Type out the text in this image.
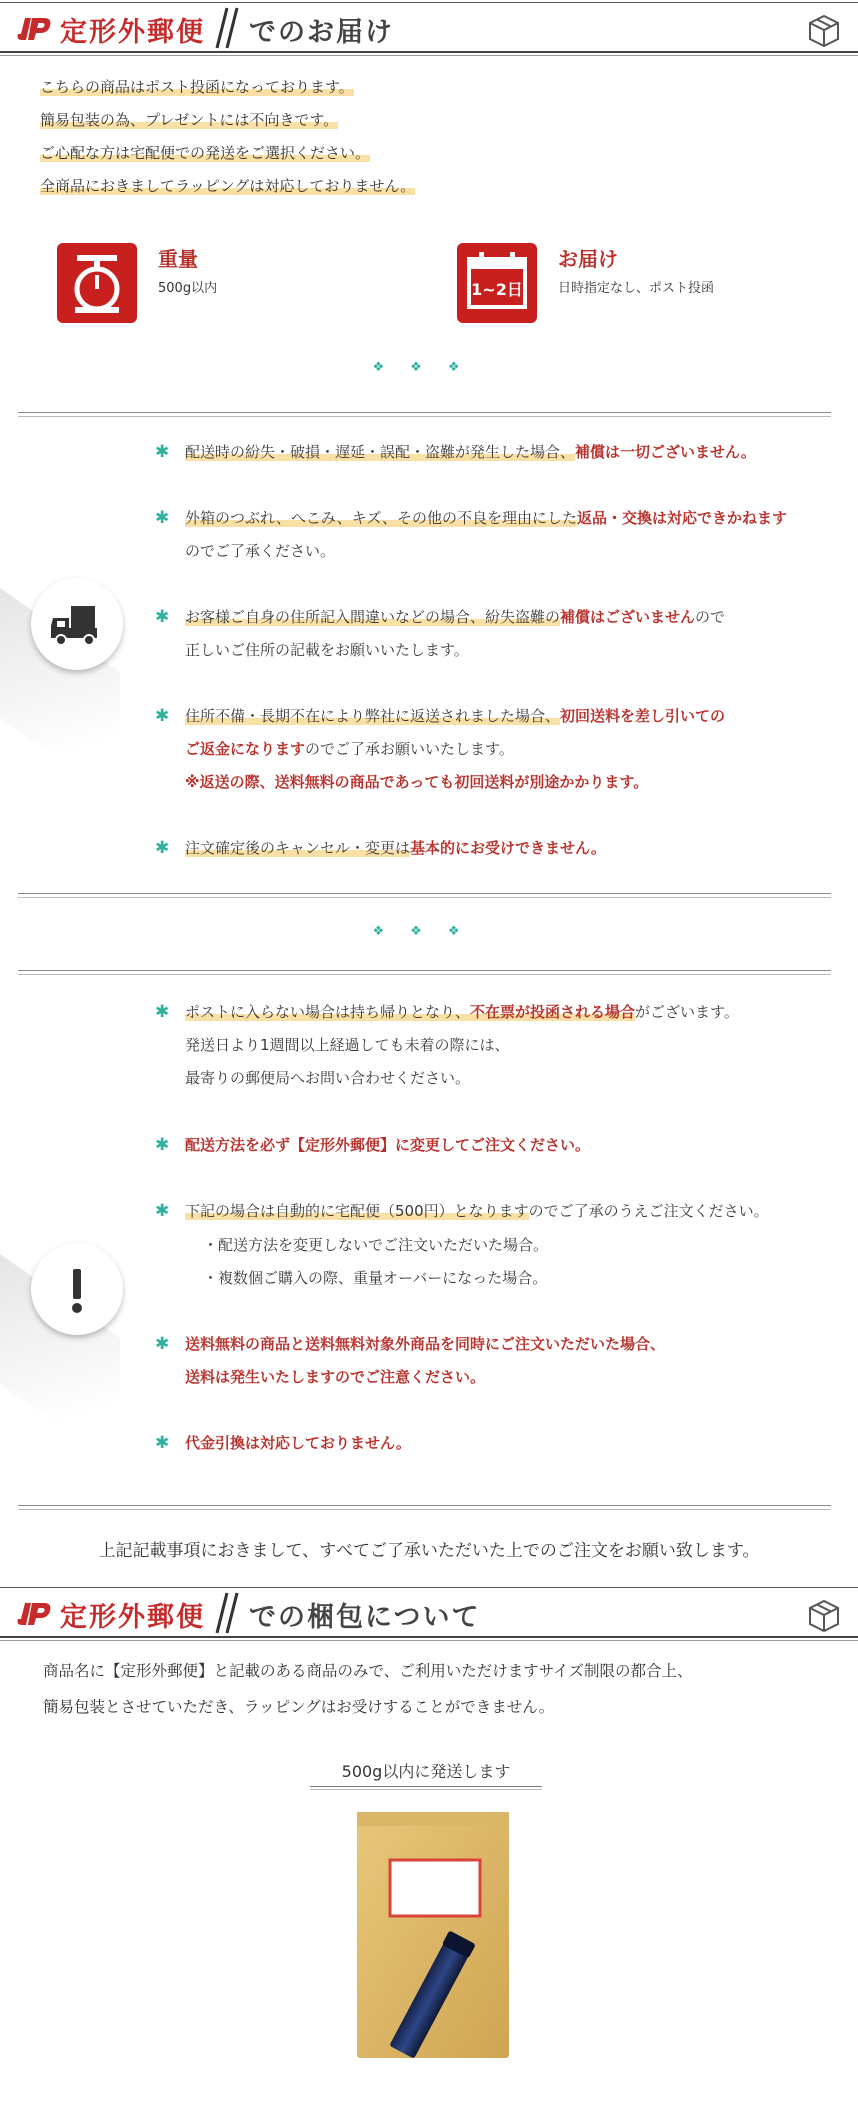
定形外郵便 でのお届け

こちらの商品はポスト投函になっております。

簡易包装の為、プレゼントには不向きです。

ご心配な方は宅配便での発送をご選択ください。

全商品におきましてラッピングは対応しておりません。

重量
500g以内	1~2日
お届け
日時指定なし、ポスト投函
❖❖❖
✱ 配送時の紛失・破損・遅延・誤配・盗難が発生した場合、補償は一切ございません。

✱ 外箱のつぶれ、へこみ、キズ、その他の不良を理由にした返品・交換は対応できかねます

のでご了承ください。

✱ お客様ご自身の住所記入間違いなどの場合、紛失盗難の補償はございませんので

正しいご住所の記載をお願いいたします。

✱ 住所不備・長期不在により弊社に返送されました場合、初回送料を差し引いての

ご返金になりますのでご了承お願いいたします。

※返送の際、送料無料の商品であっても初回送料が別途かかります。

✱ 注文確定後のキャンセル・変更は基本的にお受けできません。

❖❖❖
✱ ポストに入らない場合は持ち帰りとなり、不在票が投函される場合がございます。

発送日より1週間以上経過しても未着の際には、

最寄りの郵便局へお問い合わせください。

✱ 配送方法を必ず【定形外郵便】に変更してご注文ください。

✱ 下記の場合は自動的に宅配便（500円）となりますのでご了承のうえご注文ください。

・配送方法を変更しないでご注文いただいた場合。

・複数個ご購入の際、重量オーバーになった場合。

✱ 送料無料の商品と送料無料対象外商品を同時にご注文いただいた場合、

送料は発生いたしますのでご注意ください。

✱ 代金引換は対応しておりません。

上記記載事項におきまして、すべてご了承いただいた上でのご注文をお願い致します。
定形外郵便 での梱包について

商品名に【定形外郵便】と記載のある商品のみで、ご利用いただけますサイズ制限の都合上、

簡易包装とさせていただき、ラッピングはお受けすることができません。

500g以内に発送します
